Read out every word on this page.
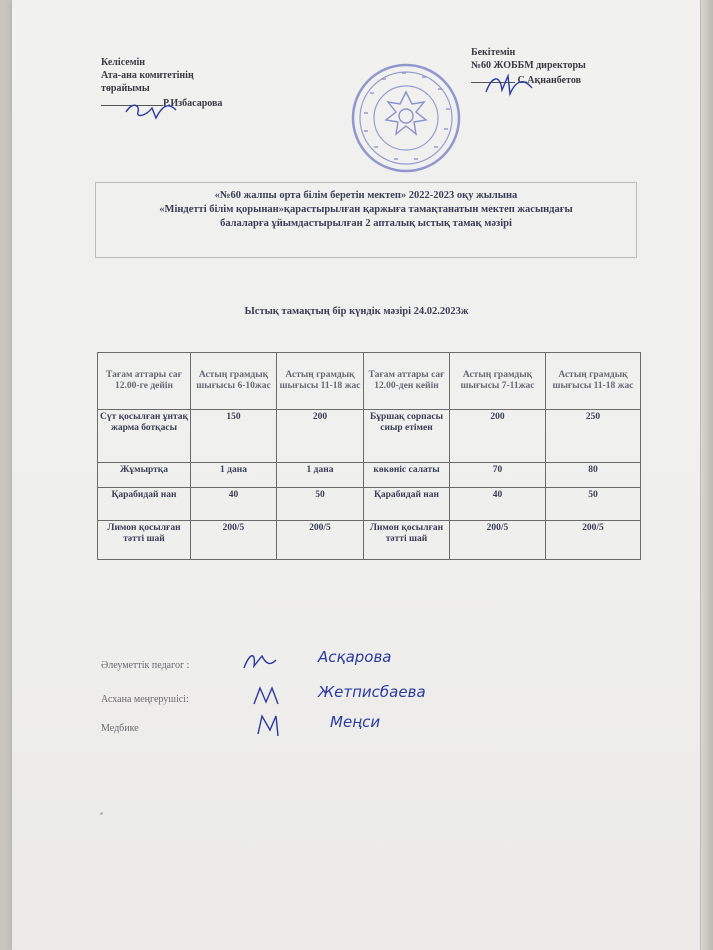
Келісемін
Ата-ана комитетінің
төрайымы
Р.Избасарова
Бекітемін
№60 ЖОББМ директоры
С.Ақнанбетов
«№60 жалпы орта білім беретін мектеп» 2022-2023 оқу жылына
«Міндетті білім қорынан»қарастырылған қаржыға тамақтанатын мектеп жасындағы
балаларға ұйымдастырылған 2 апталық ыстық тамақ мәзірі
Ыстық тамақтың бір күндік мәзірі 24.02.2023ж
Тағам аттары сағ 12.00-ге дейін	Астың грамдық шығысы 6-10жас	Астың грамдық шығысы 11-18 жас	Тағам аттары сағ 12.00-ден кейін	Астың грамдық шығысы 7-11жас	Астың грамдық шығысы 11-18 жас
Сүт қосылған ұнтақ жарма ботқасы	150	200	Бұршақ сорпасы сиыр етімен	200	250
Жұмыртқа	1 дана	1 дана	көкөніс салаты	70	80
Қарабидай нан	40	50	Қарабидай нан	40	50
Лимон қосылған тәтті шай	200/5	200/5	Лимон қосылған тәтті шай	200/5	200/5
Әлеуметтік педагог :	Асқарова
Асхана меңгерушісі:	Жетписбаева
Медбике	Меңси
